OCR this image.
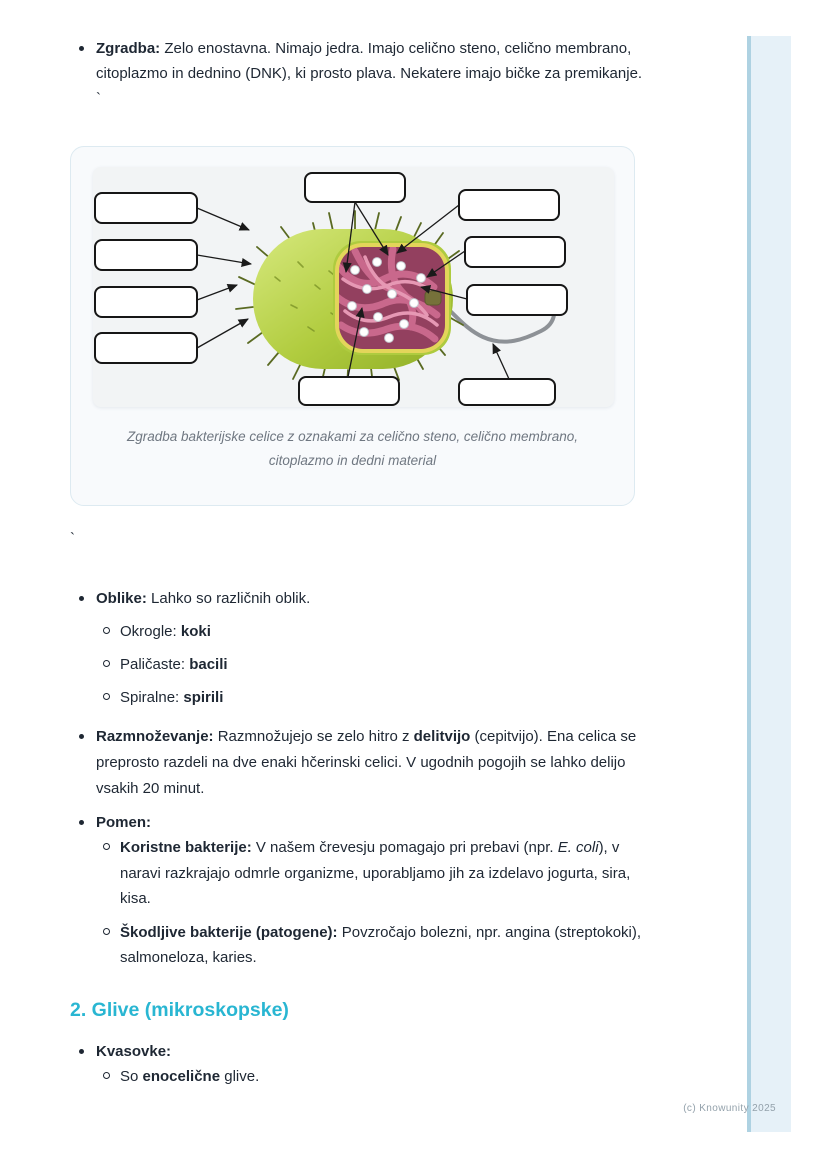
(c) Knowunity 2025
Zgradba: Zelo enostavna. Nimajo jedra. Imajo celično steno, celično membrano, citoplazmo in dednino (DNK), ki prosto plava. Nekatere imajo bičke za premikanje. `

Zgradba bakterijske celice z oznakami za celično steno, celično membrano, citoplazmo in dedni material

`
Oblike: Lahko so različnih oblik.
Okrogle: koki
Paličaste: bacili
Spiralne: spirili
Razmnoževanje: Razmnožujejo se zelo hitro z delitvijo (cepitvijo). Ena celica se preprosto razdeli na dve enaki hčerinski celici. V ugodnih pogojih se lahko delijo vsakih 20 minut.
Pomen:
Koristne bakterije: V našem črevesju pomagajo pri prebavi (npr. E. coli), v naravi razkrajajo odmrle organizme, uporabljamo jih za izdelavo jogurta, sira, kisa.
Škodljive bakterije (patogene): Povzročajo bolezni, npr. angina (streptokoki), salmoneloza, karies.
2. Glive (mikroskopske)
Kvasovke:
So enocelične glive.
